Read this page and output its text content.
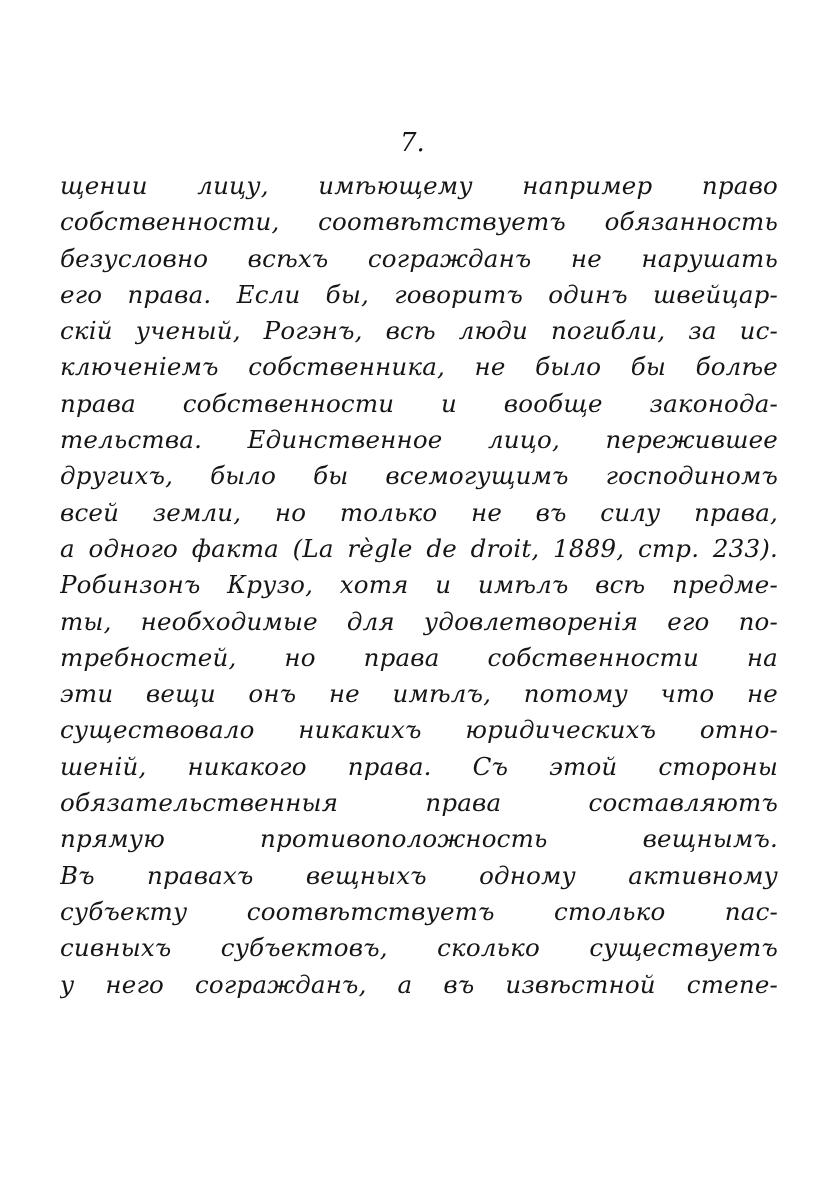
7.
щении лицу, имѣющему например право
собственности, соотвѣтствуетъ обязанность
безусловно всѣхъ согражданъ не нарушать
его права. Если бы, говоритъ одинъ швейцар-
скій ученый, Рогэнъ, всѣ люди погибли, за ис-
ключеніемъ собственника, не было бы болѣе
права собственности и вообще законода-
тельства. Единственное лицо, пережившее
другихъ, было бы всемогущимъ господиномъ
всей земли, но только не въ силу права,
а одного факта (La règle de droit, 1889, стр. 233).
Робинзонъ Крузо, хотя и имѣлъ всѣ предме-
ты, необходимые для удовлетворенія его по-
требностей, но права собственности на
эти вещи онъ не имѣлъ, потому что не
существовало никакихъ юридическихъ отно-
шеній, никакого права. Съ этой стороны
обязательственныя права составляютъ
прямую противоположность вещнымъ.
Въ правахъ вещныхъ одному активному
субъекту соотвѣтствуетъ столько пас-
сивныхъ субъектовъ, сколько существуетъ
у него согражданъ, а въ извѣстной степе-
